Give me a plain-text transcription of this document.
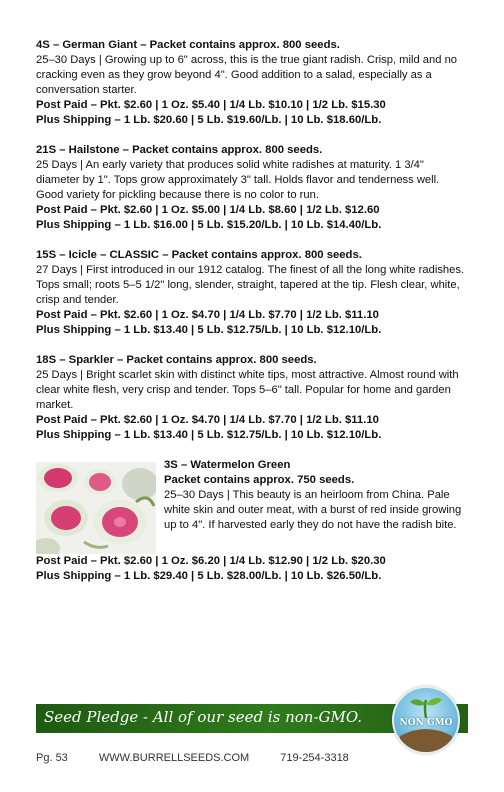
4S – German Giant – Packet contains approx. 800 seeds.
25–30 Days | Growing up to 6" across, this is the true giant radish. Crisp, mild and no cracking even as they grow beyond 4". Good addition to a salad, especially as a conversation starter.
Post Paid – Pkt. $2.60 | 1 Oz. $5.40 | 1/4 Lb. $10.10 | 1/2 Lb. $15.30
Plus Shipping – 1 Lb. $20.60 | 5 Lb. $19.60/Lb. | 10 Lb. $18.60/Lb.
21S – Hailstone – Packet contains approx. 800 seeds.
25 Days | An early variety that produces solid white radishes at maturity. 1 3/4" diameter by 1". Tops grow approximately 3" tall. Holds flavor and tenderness well. Good variety for pickling because there is no color to run.
Post Paid – Pkt. $2.60 | 1 Oz. $5.00 | 1/4 Lb. $8.60 | 1/2 Lb. $12.60
Plus Shipping – 1 Lb. $16.00 | 5 Lb. $15.20/Lb. | 10 Lb. $14.40/Lb.
15S – Icicle – CLASSIC – Packet contains approx. 800 seeds.
27 Days | First introduced in our 1912 catalog. The finest of all the long white radishes. Tops small; roots 5–5 1/2" long, slender, straight, tapered at the tip. Flesh clear, white, crisp and tender.
Post Paid – Pkt. $2.60 | 1 Oz. $4.70 | 1/4 Lb. $7.70 | 1/2 Lb. $11.10
Plus Shipping – 1 Lb. $13.40 | 5 Lb. $12.75/Lb. | 10 Lb. $12.10/Lb.
18S – Sparkler – Packet contains approx. 800 seeds.
25 Days | Bright scarlet skin with distinct white tips, most attractive. Almost round with clear white flesh, very crisp and tender. Tops 5–6" tall. Popular for home and garden market.
Post Paid – Pkt. $2.60 | 1 Oz. $4.70 | 1/4 Lb. $7.70 | 1/2 Lb. $11.10
Plus Shipping – 1 Lb. $13.40 | 5 Lb. $12.75/Lb. | 10 Lb. $12.10/Lb.
3S – Watermelon Green
Packet contains approx. 750 seeds.
25–30 Days | This beauty is an heirloom from China. Pale white skin and outer meat, with a burst of red inside growing up to 4". If harvested early they do not have the radish bite.
Post Paid – Pkt. $2.60 | 1 Oz. $6.20 | 1/4 Lb. $12.90 | 1/2 Lb. $20.30
Plus Shipping – 1 Lb. $29.40 | 5 Lb. $28.00/Lb. | 10 Lb. $26.50/Lb.
Seed Pledge - All of our seed is non-GMO.	NON GMO
Pg. 53	WWW.BURRELLSEEDS.COM	719-254-3318
